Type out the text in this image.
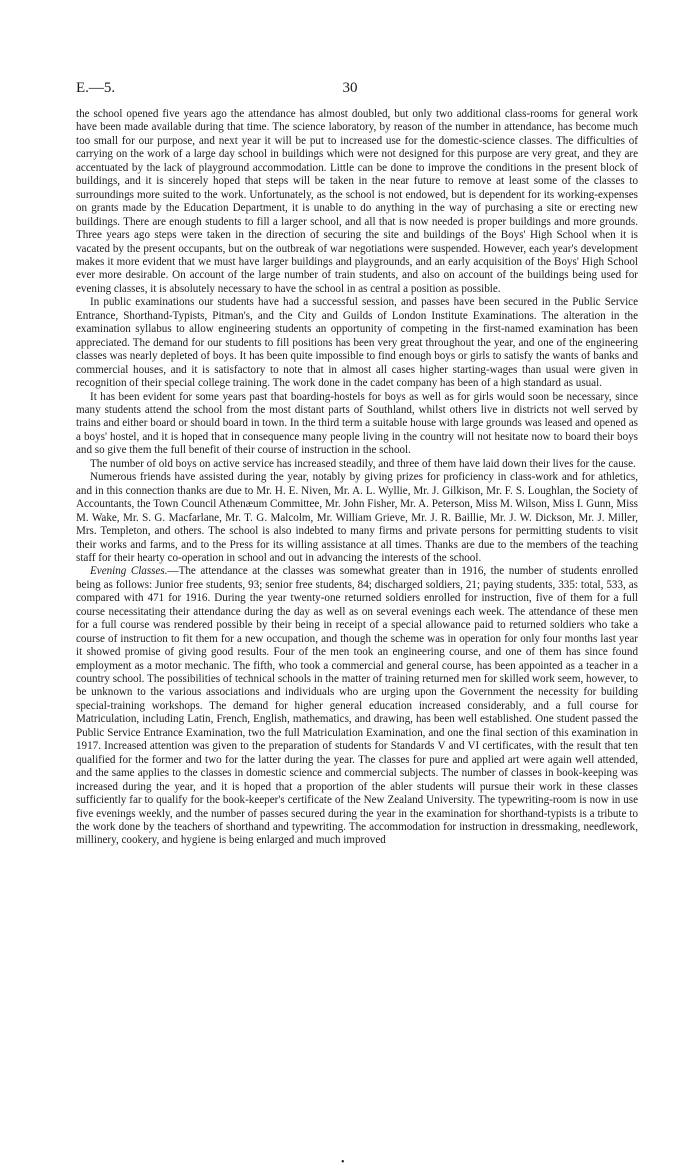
E.—5.	30

the school opened five years ago the attendance has almost doubled, but only two additional class-rooms for general work have been made available during that time. The science laboratory, by reason of the number in attendance, has become much too small for our purpose, and next year it will be put to increased use for the domestic-science classes. The difficulties of carrying on the work of a large day school in buildings which were not designed for this purpose are very great, and they are accentuated by the lack of playground accommodation. Little can be done to improve the conditions in the present block of buildings, and it is sincerely hoped that steps will be taken in the near future to remove at least some of the classes to surroundings more suited to the work. Unfortunately, as the school is not endowed, but is dependent for its working-expenses on grants made by the Education Department, it is unable to do anything in the way of purchasing a site or erecting new buildings. There are enough students to fill a larger school, and all that is now needed is proper buildings and more grounds. Three years ago steps were taken in the direction of securing the site and buildings of the Boys' High School when it is vacated by the present occupants, but on the outbreak of war negotiations were suspended. However, each year's development makes it more evident that we must have larger buildings and playgrounds, and an early acquisition of the Boys' High School ever more desirable. On account of the large number of train students, and also on account of the buildings being used for evening classes, it is absolutely necessary to have the school in as central a position as possible.

In public examinations our students have had a successful session, and passes have been secured in the Public Service Entrance, Shorthand-Typists, Pitman's, and the City and Guilds of London Institute Examinations. The alteration in the examination syllabus to allow engineering students an opportunity of competing in the first-named examination has been appreciated. The demand for our students to fill positions has been very great throughout the year, and one of the engineering classes was nearly depleted of boys. It has been quite impossible to find enough boys or girls to satisfy the wants of banks and commercial houses, and it is satisfactory to note that in almost all cases higher starting-wages than usual were given in recognition of their special college training. The work done in the cadet company has been of a high standard as usual.

It has been evident for some years past that boarding-hostels for boys as well as for girls would soon be necessary, since many students attend the school from the most distant parts of Southland, whilst others live in districts not well served by trains and either board or should board in town. In the third term a suitable house with large grounds was leased and opened as a boys' hostel, and it is hoped that in consequence many people living in the country will not hesitate now to board their boys and so give them the full benefit of their course of instruction in the school.

The number of old boys on active service has increased steadily, and three of them have laid down their lives for the cause.

Numerous friends have assisted during the year, notably by giving prizes for proficiency in class-work and for athletics, and in this connection thanks are due to Mr. H. E. Niven, Mr. A. L. Wyllie, Mr. J. Gilkison, Mr. F. S. Loughlan, the Society of Accountants, the Town Council Athenæum Committee, Mr. John Fisher, Mr. A. Peterson, Miss M. Wilson, Miss I. Gunn, Miss M. Wake, Mr. S. G. Macfarlane, Mr. T. G. Malcolm, Mr. William Grieve, Mr. J. R. Baillie, Mr. J. W. Dickson, Mr. J. Miller, Mrs. Templeton, and others. The school is also indebted to many firms and private persons for permitting students to visit their works and farms, and to the Press for its willing assistance at all times. Thanks are due to the members of the teaching staff for their hearty co-operation in school and out in advancing the interests of the school.

Evening Classes.—The attendance at the classes was somewhat greater than in 1916, the number of students enrolled being as follows: Junior free students, 93; senior free students, 84; discharged soldiers, 21; paying students, 335: total, 533, as compared with 471 for 1916. During the year twenty-one returned soldiers enrolled for instruction, five of them for a full course necessitating their attendance during the day as well as on several evenings each week. The attendance of these men for a full course was rendered possible by their being in receipt of a special allowance paid to returned soldiers who take a course of instruction to fit them for a new occupation, and though the scheme was in operation for only four months last year it showed promise of giving good results. Four of the men took an engineering course, and one of them has since found employment as a motor mechanic. The fifth, who took a commercial and general course, has been appointed as a teacher in a country school. The possibilities of technical schools in the matter of training returned men for skilled work seem, however, to be unknown to the various associations and individuals who are urging upon the Government the necessity for building special-training workshops. The demand for higher general education increased considerably, and a full course for Matriculation, including Latin, French, English, mathematics, and drawing, has been well established. One student passed the Public Service Entrance Examination, two the full Matriculation Examination, and one the final section of this examination in 1917. Increased attention was given to the preparation of students for Standards V and VI certificates, with the result that ten qualified for the former and two for the latter during the year. The classes for pure and applied art were again well attended, and the same applies to the classes in domestic science and commercial subjects. The number of classes in book-keeping was increased during the year, and it is hoped that a proportion of the abler students will pursue their work in these classes sufficiently far to qualify for the book-keeper's certificate of the New Zealand University. The typewriting-room is now in use five evenings weekly, and the number of passes secured during the year in the examination for shorthand-typists is a tribute to the work done by the teachers of shorthand and typewriting. The accommodation for instruction in dressmaking, needlework, millinery, cookery, and hygiene is being enlarged and much improved

•
